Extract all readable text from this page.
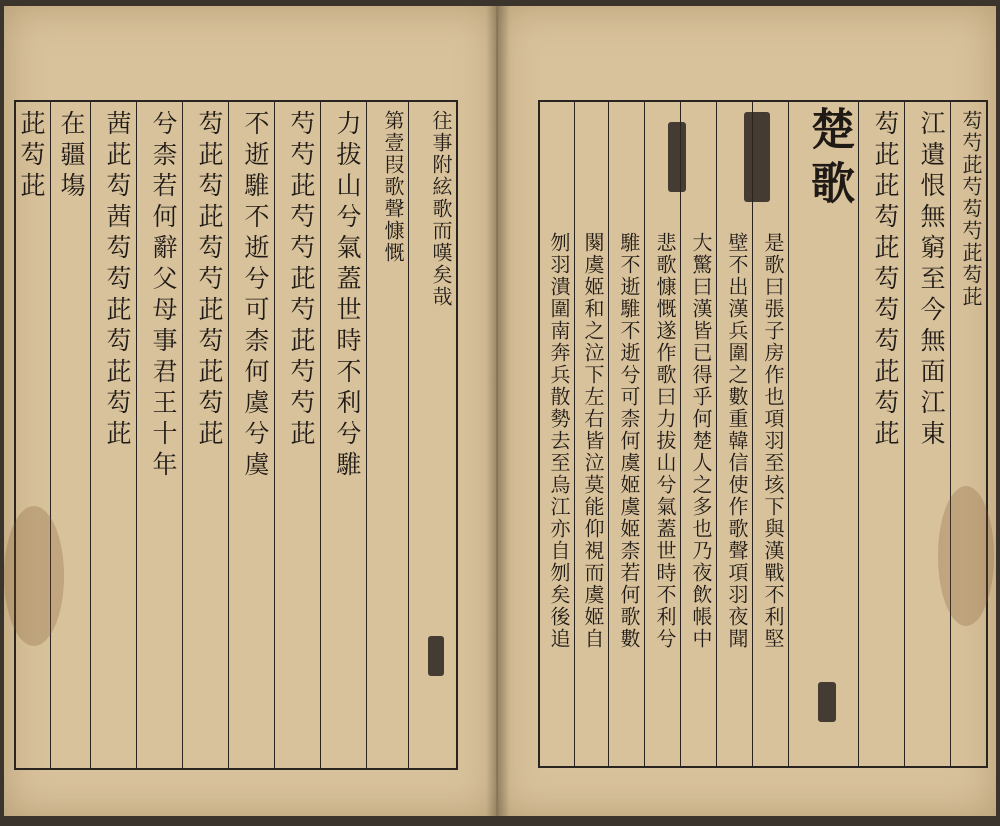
往事附絃歌而嘆矣哉
第壹叚歌聲慷慨
力拔山兮氣蓋世時不利兮騅
芍芍茈芍芍茈芍茈芍芍茈
不逝騅不逝兮可柰何虞兮虞
芶茈芶茈芶芍茈芶茈芶茈
兮柰若何辭父母事君王十年
茜茈芶茜芶芶茈芶茈芶茈
在疆塲
茈芶茈	芶芍茈芍芶芍茈芶茈
江遺恨無窮至今無面江東
芶茈茈芶茈芶芶芶茈芶茈
楚歌
是歌曰張子房作也項羽至垓下與漢戰不利堅
壁不出漢兵圍之數重韓信使作歌聲項羽夜聞
大驚曰漢皆已得乎何楚人之多也乃夜飲帳中
悲歌慷慨遂作歌曰力拔山兮氣蓋世時不利兮
騅不逝騅不逝兮可柰何虞姬虞姬柰若何歌數
闋虞姬和之泣下左右皆泣莫能仰視而虞姬自
刎羽潰圍南奔兵散勢去至烏江亦自刎矣後追
